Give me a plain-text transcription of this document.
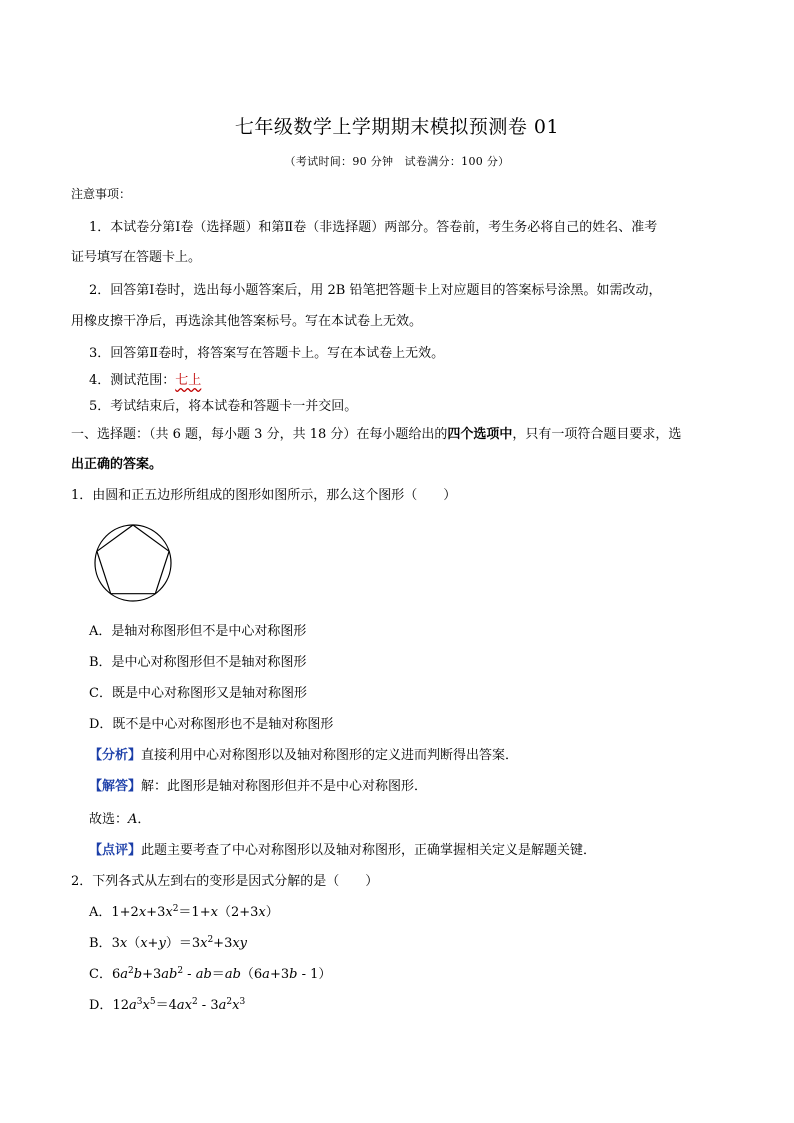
七年级数学上学期期末模拟预测卷 01
（考试时间：90 分钟　试卷满分：100 分）
注意事项：
1．本试卷分第Ⅰ卷（选择题）和第Ⅱ卷（非选择题）两部分。答卷前，考生务必将自己的姓名、准考
证号填写在答题卡上。
2．回答第Ⅰ卷时，选出每小题答案后，用 2B 铅笔把答题卡上对应题目的答案标号涂黑。如需改动，
用橡皮擦干净后，再选涂其他答案标号。写在本试卷上无效。
3．回答第Ⅱ卷时，将答案写在答题卡上。写在本试卷上无效。
4．测试范围：七上
5．考试结束后，将本试卷和答题卡一并交回。
一、选择题：（共 6 题，每小题 3 分，共 18 分）在每小题给出的四个选项中，只有一项符合题目要求，选
出正确的答案。
1．由圆和正五边形所组成的图形如图所示，那么这个图形（　　）
A．是轴对称图形但不是中心对称图形
B．是中心对称图形但不是轴对称图形
C．既是中心对称图形又是轴对称图形
D．既不是中心对称图形也不是轴对称图形
【分析】直接利用中心对称图形以及轴对称图形的定义进而判断得出答案．
【解答】解：此图形是轴对称图形但并不是中心对称图形．
故选：A．
【点评】此题主要考查了中心对称图形以及轴对称图形，正确掌握相关定义是解题关键．
2．下列各式从左到右的变形是因式分解的是（　　）
A．$1+2x+3x^2=1+x(2+3x)$
B．$3x(x+y)=3x^2+3xy$
C．$6a^2b+3ab^2 - ab=ab(6a+3b - 1)$
D．$12a^3x^5=4ax^2 - 3a^2x^3$
